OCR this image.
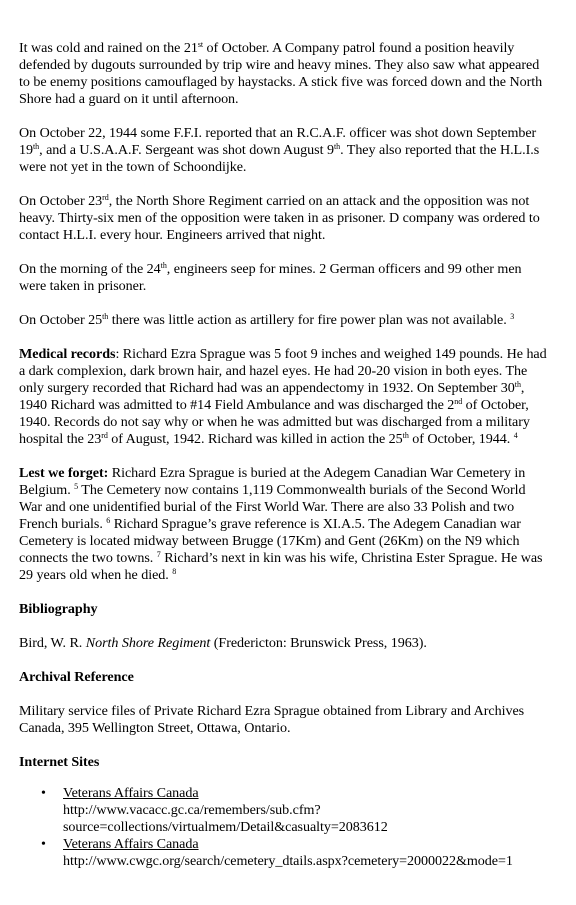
It was cold and rained on the 21st of October. A Company patrol found a position heavily defended by dugouts surrounded by trip wire and heavy mines. They also saw what appeared to be enemy positions camouflaged by haystacks. A stick five was forced down and the North Shore had a guard on it until afternoon.

On October 22, 1944 some F.F.I. reported that an R.C.A.F. officer was shot down September 19th, and a U.S.A.A.F. Sergeant was shot down August 9th. They also reported that the H.L.I.s were not yet in the town of Schoondijke.

On October 23rd, the North Shore Regiment carried on an attack and the opposition was not heavy. Thirty-six men of the opposition were taken in as prisoner. D company was ordered to contact H.L.I. every hour. Engineers arrived that night.

On the morning of the 24th, engineers seep for mines. 2 German officers and 99 other men were taken in prisoner.

On October 25th there was little action as artillery for fire power plan was not available. $^3$

Medical records: Richard Ezra Sprague was 5 foot 9 inches and weighed 149 pounds. He had a dark complexion, dark brown hair, and hazel eyes. He had 20-20 vision in both eyes. The only surgery recorded that Richard had was an appendectomy in 1932. On September 30th, 1940 Richard was admitted to #14 Field Ambulance and was discharged the 2nd of October, 1940. Records do not say why or when he was admitted but was discharged from a military hospital the 23rd of August, 1942. Richard was killed in action the 25th of October, 1944. $^4$

Lest we forget: Richard Ezra Sprague is buried at the Adegem Canadian War Cemetery in Belgium. $^5$ The Cemetery now contains 1,119 Commonwealth burials of the Second World War and one unidentified burial of the First World War. There are also 33 Polish and two French burials. $^6$ Richard Sprague’s grave reference is XI.A.5. The Adegem Canadian war Cemetery is located midway between Brugge (17Km) and Gent (26Km) on the N9 which connects the two towns. $^7$ Richard’s next in kin was his wife, Christina Ester Sprague. He was 29 years old when he died. $^8$

Bibliography

Bird, W. R. North Shore Regiment (Fredericton: Brunswick Press, 1963).

Archival Reference

Military service files of Private Richard Ezra Sprague obtained from Library and Archives Canada, 395 Wellington Street, Ottawa, Ontario.

Internet Sites
• Veterans Affairs Canada
http://www.vacacc.gc.ca/remembers/sub.cfm?
source=collections/virtualmem/Detail&casualty=2083612
• Veterans Affairs Canada
http://www.cwgc.org/search/cemetery_dtails.aspx?cemetery=2000022&mode=1
